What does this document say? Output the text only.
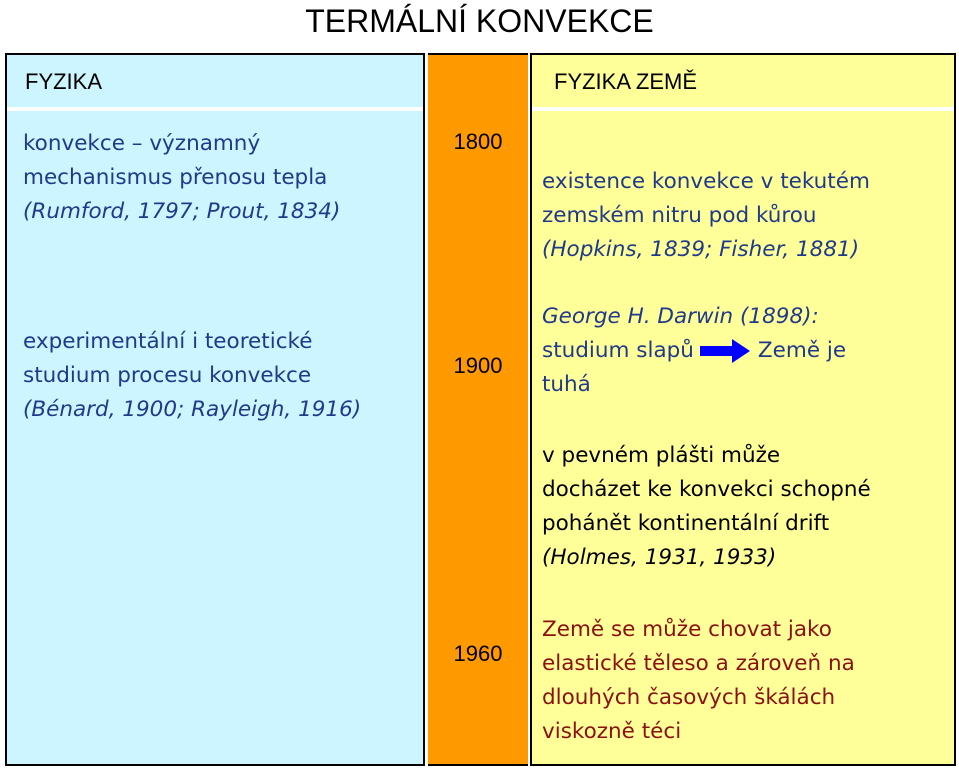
TERMÁLNÍ KONVEKCE
FYZIKA
konvekce – významný
mechanismus přenosu tepla
(Rumford, 1797; Prout, 1834)
experimentální i teoretické
studium procesu konvekce
(Bénard, 1900; Rayleigh, 1916)
1800
1900
1960
FYZIKA ZEMĚ
existence konvekce v tekutém
zemském nitru pod kůrou
(Hopkins, 1839; Fisher, 1881)
George H. Darwin (1898):
studium slapů	Země je
tuhá
v pevném plášti může
docházet ke konvekci schopné
pohánět kontinentální drift
(Holmes, 1931, 1933)
Země se může chovat jako
elastické těleso a zároveň na
dlouhých časových škálách
viskozně téci
